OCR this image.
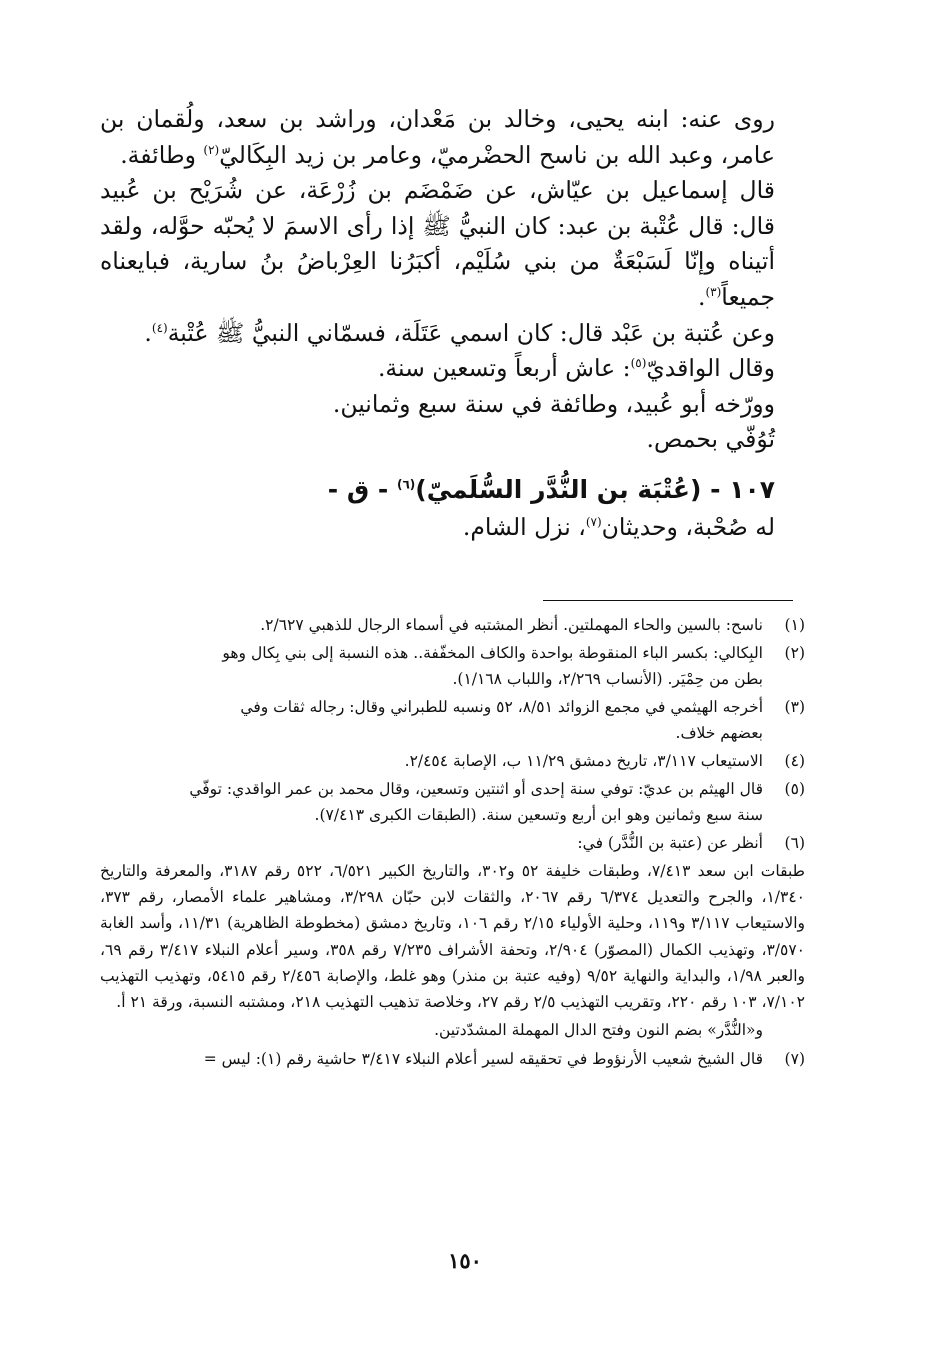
روى عنه: ابنه يحيى، وخالد بن مَعْدان، وراشد بن سعد، ولُقمان بن عامر، وعبد الله بن ناسح الحضْرميّ، وعامر بن زيد البِكَاليّ$^{(٢)}$ وطائفة.

قال إسماعيل بن عيّاش، عن ضَمْضَم بن زُرْعَة، عن شُرَيْح بن عُبيد قال: قال عُتْبة بن عبد: كان النبيُّ ﷺ إذا رأى الاسمَ لا يُحبّه حوَّله، ولقد أتيناه وإنّا لَسَبْعَةٌ من بني سُلَيْم، أكبَرُنا العِرْباضُ بنُ سارية، فبايعناه جميعاً$^{(٣)}$.

وعن عُتبة بن عَبْد قال: كان اسمي عَتَلَة، فسمّاني النبيُّ ﷺ عُتْبة$^{(٤)}$.

وقال الواقديّ$^{(٥)}$: عاش أربعاً وتسعين سنة.

وورّخه أبو عُبيد، وطائفة في سنة سبع وثمانين.

تُوُفّي بحمص.

١٠٧ - (عُتْبَة بن النُّدَّر السُّلَميّ)$^{(٦)}$ - ق -

له صُحْبة، وحديثان$^{(٧)}$، نزل الشام.

(١)
ناسح: بالسين والحاء المهملتين. أنظر المشتبه في أسماء الرجال للذهبي ٢/٦٢٧.
(٢)
البِكالي: بكسر الباء المنقوطة بواحدة والكاف المخفّفة.. هذه النسبة إلى بني بِكال وهو
بطن من حِمْيَر. (الأنساب ٢/٢٦٩، واللباب ١/١٦٨).
(٣)
أخرجه الهيثمي في مجمع الزوائد ٨/٥١، ٥٢ ونسبه للطبراني وقال: رجاله ثقات وفي
بعضهم خلاف.
(٤)
الاستيعاب ٣/١١٧، تاريخ دمشق ١١/٢٩ ب، الإصابة ٢/٤٥٤.
(٥)
قال الهيثم بن عديّ: توفي سنة إحدى أو اثنتين وتسعين، وقال محمد بن عمر الواقدي: توفّي
سنة سبع وثمانين وهو ابن أربع وتسعين سنة. (الطبقات الكبرى ٧/٤١٣).
(٦)
أنظر عن (عتبة بن النُّدَّر) في:

طبقات ابن سعد ٧/٤١٣، وطبقات خليفة ٥٢ و٣٠٢، والتاريخ الكبير ٦/٥٢١، ٥٢٢ رقم ٣١٨٧، والمعرفة والتاريخ ١/٣٤٠، والجرح والتعديل ٦/٣٧٤ رقم ٢٠٦٧، والثقات لابن حبّان ٣/٢٩٨، ومشاهير علماء الأمصار، رقم ٣٧٣، والاستيعاب ٣/١١٧ و١١٩، وحلية الأولياء ٢/١٥ رقم ١٠٦، وتاريخ دمشق (مخطوطة الظاهرية) ١١/٣١، وأسد الغابة ٣/٥٧٠، وتهذيب الكمال (المصوّر) ٢/٩٠٤، وتحفة الأشراف ٧/٢٣٥ رقم ٣٥٨، وسير أعلام النبلاء ٣/٤١٧ رقم ٦٩، والعبر ١/٩٨، والبداية والنهاية ٩/٥٢ (وفيه عتبة بن منذر) وهو غلط، والإصابة ٢/٤٥٦ رقم ٥٤١٥، وتهذيب التهذيب ٧/١٠٢، ١٠٣ رقم ٢٢٠، وتقريب التهذيب ٢/٥ رقم ٢٧، وخلاصة تذهيب التهذيب ٢١٨، ومشتبه النسبة، ورقة ٢١ أ.

و«النُّدَّر» بضم النون وفتح الدال المهملة المشدّدتين.

(٧)
قال الشيخ شعيب الأرنؤوط في تحقيقه لسير أعلام النبلاء ٣/٤١٧ حاشية رقم (١): ليس =
١٥٠
